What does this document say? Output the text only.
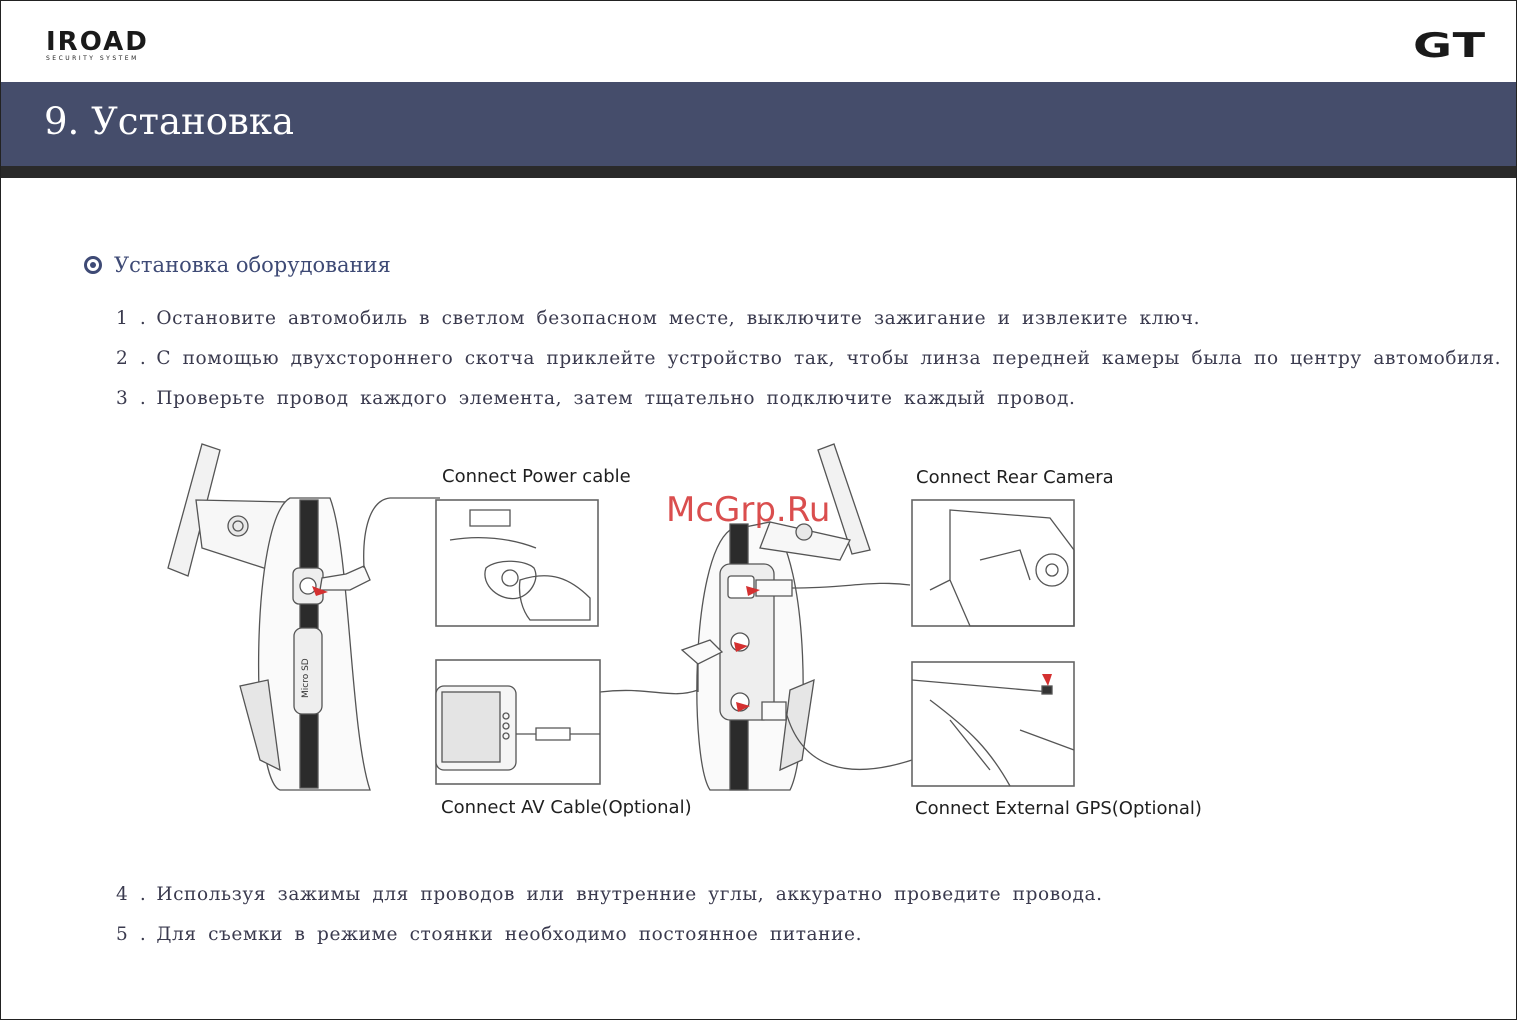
IROAD
SECURITY SYSTEM	GT
9. Установка
Установка оборудования
1 . Остановите автомобиль в светлом безопасном месте, выключите зажигание и извлеките ключ.
2 . С помощью двухстороннего скотча приклейте устройство так, чтобы линза передней камеры была по центру автомобиля.
3 . Проверьте провод каждого элемента, затем тщательно подключите каждый провод.
4 . Используя зажимы для проводов или внутренние углы, аккуратно проведите провода.
5 . Для съемки в режиме стоянки необходимо постоянное питание.
Micro SD
Connect Power cable	Connect Rear Camera
Connect AV Cable(Optional)	Connect External GPS(Optional)
McGrp.Ru
